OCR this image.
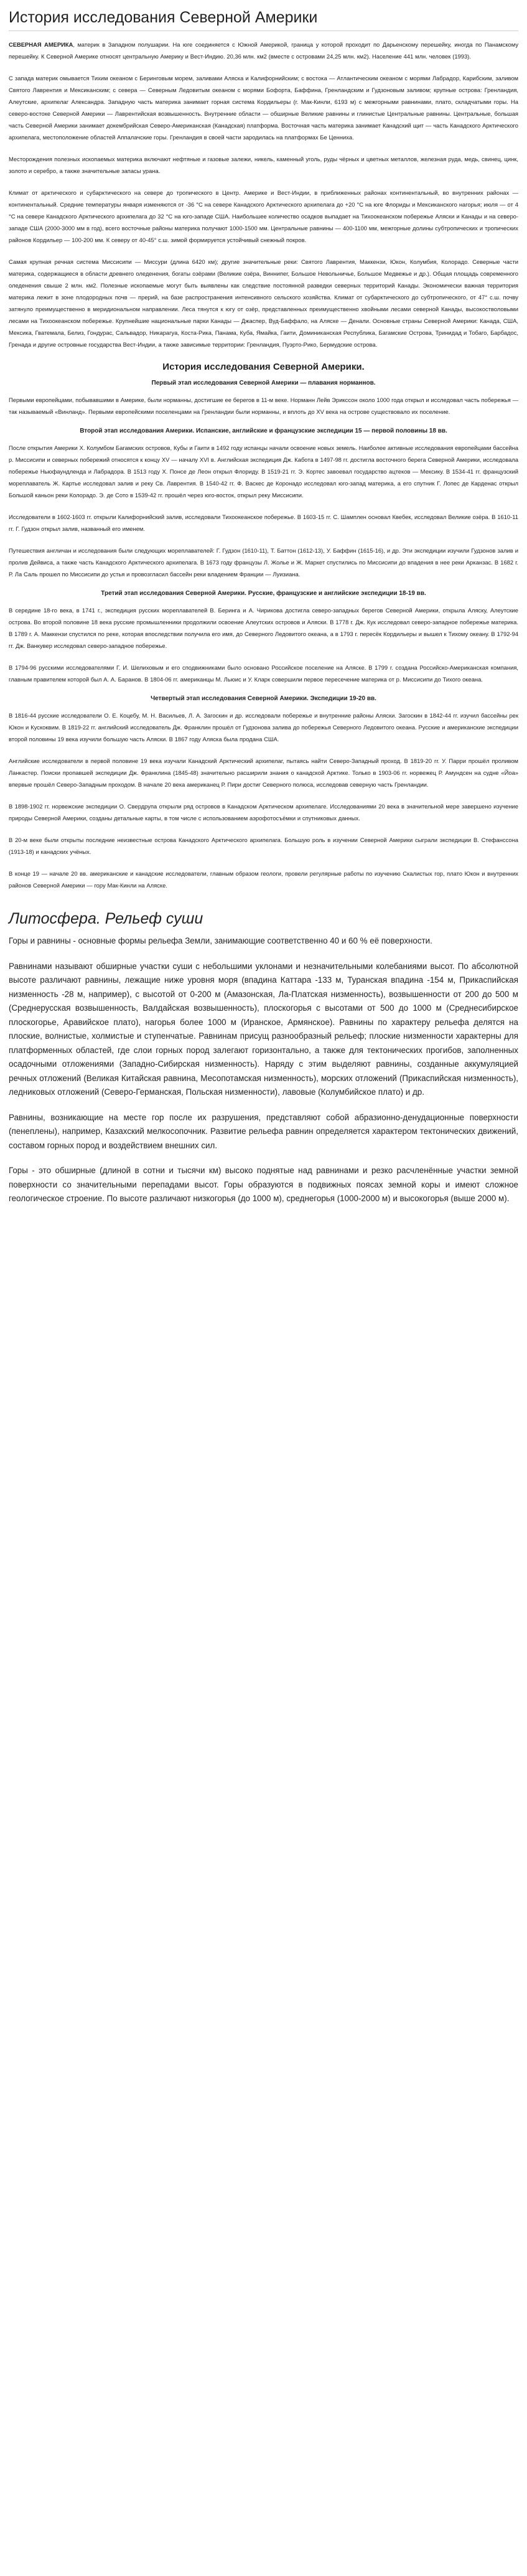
История исследования Северной Америки

СЕВЕРНАЯ АМЕРИКА, материк в Западном полушарии. На юге соединяется с Южной Америкой, граница у которой проходит по Дарьенскому перешейку, иногда по Панамскому перешейку. К Северной Америке относят центральную Америку и Вест-Индию. 20,36 млн. км2 (вместе с островами 24,25 млн. км2). Население 441 млн. человек (1993).

С запада материк омывается Тихим океаном с Беринговым морем, заливами Аляска и Калифорнийским; с востока — Атлантическим океаном с морями Лабрадор, Карибским, заливом Святого Лаврентия и Мексиканским; с севера — Северным Ледовитым океаном с морями Бофорта, Баффина, Гренландским и Гудзоновым заливом; крупные острова: Гренландия, Алеутские, архипелаг Александра. Западную часть материка занимает горная система Кордильеры (г. Мак-Кинли, 6193 м) с межгорными равнинами, плато, складчатыми горы. На северо-востоке Северной Америки — Лаврентийская возвышенность. Внутренние области — обширные Великие равнины и глинистые Центральные равнины. Центральные, большая часть Северной Америки занимает докембрийская Северо-Американская (Канадская) платформа. Восточная часть материка занимает Канадский щит — часть Канадского Арктического архипелага, местоположение областей Аппалачские горы. Гренландия в своей части зародилась на платформах Бе Ценниха.

Месторождения полезных ископаемых материка включают нефтяные и газовые залежи, никель, каменный уголь, руды чёрных и цветных металлов, железная руда, медь, свинец, цинк, золото и серебро, а также значительные запасы урана.

Климат от арктического и субарктического на севере до тропического в Центр. Америке и Вест-Индии, в приближенных районах континентальный, во внутренних районах — континентальный. Средние температуры января изменяются от -36 °C на севере Канадского Арктического архипелага до +20 °C на юге Флориды и Мексиканского нагорья; июля — от 4 °C на севере Канадского Арктического архипелага до 32 °C на юго-западе США. Наибольшее количество осадков выпадает на Тихоокеанском побережье Аляски и Канады и на северо-западе США (2000-3000 мм в год), всего восточные районы материка получают 1000-1500 мм. Центральные равнины — 400-1100 мм, межгорные долины субтропических и тропических районов Кордильер — 100-200 мм. К северу от 40-45° с.ш. зимой формируется устойчивый снежный покров.

Самая крупная речная система Миссисипи — Миссури (длина 6420 км); другие значительные реки: Святого Лаврентия, Маккензи, Юкон, Колумбия, Колорадо. Северные части материка, содержащиеся в области древнего оледенения, богаты озёрами (Великие озёра, Виннипег, Большое Невольничье, Большое Медвежье и др.). Общая площадь современного оледенения свыше 2 млн. км2. Полезные ископаемые могут быть выявлены как следствие постоянной разведки северных территорий Канады. Экономически важная территория материка лежит в зоне плодородных почв — прерий, на базе распространения интенсивного сельского хозяйства. Климат от субарктического до субтропического, от 47° с.ш. почву затянуло преимущественно в меридиональном направлении. Леса тянутся к югу от озёр, представленных преимущественно хвойными лесами северной Канады, высокостволовыми лесами на Тихоокеанском побережье. Крупнейшие национальные парки Канады — Джаспер, Вуд-Баффало, на Аляске — Денали. Основные страны Северной Америки: Канада, США, Мексика, Гватемала, Белиз, Гондурас, Сальвадор, Никарагуа, Коста-Рика, Панама, Куба, Ямайка, Гаити, Доминиканская Республика, Багамские Острова, Тринидад и Тобаго, Барбадос, Гренада и другие островные государства Вест-Индии, а также зависимые территории: Гренландия, Пуэрто-Рико, Бермудские острова.

История исследования Северной Америки.
Первый этап исследования Северной Америки — плавания норманнов.

Первыми европейцами, побывавшими в Америке, были норманны, достигшие ее берегов в 11-м веке. Норманн Лейв Эрикссон около 1000 года открыл и исследовал часть побережья — так называемый «Винланд». Первыми европейскими поселенцами на Гренландии были норманны, и вплоть до XV века на острове существовало их поселение.

Второй этап исследования Америки. Испанские, английские и французские экспедиции 15 — первой половины 18 вв.

После открытия Америки Х. Колумбом Багамских островов, Кубы и Гаити в 1492 году испанцы начали освоение новых земель. Наиболее активные исследования европейцами бассейна р. Миссисипи и северных побережий относятся к концу XV — началу XVI в. Английская экспедиция Дж. Кабота в 1497-98 гг. достигла восточного берега Северной Америки, исследовала побережье Ньюфаундленда и Лабрадора. В 1513 году Х. Понсе де Леон открыл Флориду. В 1519-21 гг. Э. Кортес завоевал государство ацтеков — Мексику. В 1534-41 гг. французский мореплаватель Ж. Картье исследовал залив и реку Св. Лаврентия. В 1540-42 гг. Ф. Васкес де Коронадо исследовал юго-запад материка, а его спутник Г. Лопес де Карденас открыл Большой каньон реки Колорадо. Э. де Сото в 1539-42 гг. прошёл через юго-восток, открыл реку Миссисипи.

Исследователи в 1602-1603 гг. открыли Калифорнийский залив, исследовали Тихоокеанское побережье. В 1603-15 гг. С. Шамплен основал Квебек, исследовал Великие озёра. В 1610-11 гг. Г. Гудзон открыл залив, названный его именем.

Путешествия англичан и исследования были следующих мореплавателей: Г. Гудзон (1610-11), Т. Баттон (1612-13), У. Баффин (1615-16), и др. Эти экспедиции изучили Гудзонов залив и пролив Дейвиса, а также часть Канадского Арктического архипелага. В 1673 году французы Л. Жолье и Ж. Маркет спустились по Миссисипи до впадения в нее реки Арканзас. В 1682 г. Р. Ла Саль прошел по Миссисипи до устья и провозгласил бассейн реки владением Франции — Луизиана.

Третий этап исследования Северной Америки. Русские, французские и английские экспедиции 18-19 вв.

В середине 18-го века, в 1741 г., экспедиция русских мореплавателей В. Беринга и А. Чирикова достигла северо-западных берегов Северной Америки, открыла Аляску, Алеутские острова. Во второй половине 18 века русские промышленники продолжили освоение Алеутских островов и Аляски. В 1778 г. Дж. Кук исследовал северо-западное побережье материка. В 1789 г. А. Маккензи спустился по реке, которая впоследствии получила его имя, до Северного Ледовитого океана, а в 1793 г. пересёк Кордильеры и вышел к Тихому океану. В 1792-94 гг. Дж. Ванкувер исследовал северо-западное побережье.

В 1794-96 русскими исследователями Г. И. Шелиховым и его сподвижниками было основано Российское поселение на Аляске. В 1799 г. создана Российско-Американская компания, главным правителем которой был А. А. Баранов. В 1804-06 гг. американцы М. Льюис и У. Кларк совершили первое пересечение материка от р. Миссисипи до Тихого океана.

Четвертый этап исследования Северной Америки. Экспедиции 19-20 вв.

В 1816-44 русские исследователи О. Е. Коцебу, М. Н. Васильев, Л. А. Загоскин и др. исследовали побережье и внутренние районы Аляски. Загоскин в 1842-44 гг. изучил бассейны рек Юкон и Кускоквим. В 1819-22 гг. английский исследователь Дж. Франклин прошёл от Гудзонова залива до побережья Северного Ледовитого океана. Русские и американские экспедиции второй половины 19 века изучили большую часть Аляски. В 1867 году Аляска была продана США.

Английские исследователи в первой половине 19 века изучали Канадский Арктический архипелаг, пытаясь найти Северо-Западный проход. В 1819-20 гг. У. Парри прошёл проливом Ланкастер. Поиски пропавшей экспедиции Дж. Франклина (1845-48) значительно расширили знания о канадской Арктике. Только в 1903-06 гг. норвежец Р. Амундсен на судне «Йоа» впервые прошёл Северо-Западным проходом. В начале 20 века американец Р. Пири достиг Северного полюса, исследовав северную часть Гренландии.

В 1898-1902 гг. норвежские экспедиции О. Свердрупа открыли ряд островов в Канадском Арктическом архипелаге. Исследованиями 20 века в значительной мере завершено изучение природы Северной Америки, созданы детальные карты, в том числе с использованием аэрофотосъёмки и спутниковых данных.

В 20-м веке были открыты последние неизвестные острова Канадского Арктического архипелага. Большую роль в изучении Северной Америки сыграли экспедиции В. Стефанссона (1913-18) и канадских учёных.

В конце 19 — начале 20 вв. американские и канадские исследователи, главным образом геологи, провели регулярные работы по изучению Скалистых гор, плато Юкон и внутренних районов Северной Америки — гору Мак-Кинли на Аляске.

Литосфера. Рельеф суши

Горы и равнины - основные формы рельефа Земли, занимающие соответственно 40 и 60 % её поверхности.

Равнинами называют обширные участки суши с небольшими уклонами и незначительными колебаниями высот. По абсолютной высоте различают равнины, лежащие ниже уровня моря (впадина Каттара -133 м, Туранская впадина -154 м, Прикаспийская низменность -28 м, например), с высотой от 0-200 м (Амазонская, Ла-Платская низменность), возвышенности от 200 до 500 м (Среднерусская возвышенность, Валдайская возвышенность), плоскогорья с высотами от 500 до 1000 м (Среднесибирское плоскогорье, Аравийское плато), нагорья более 1000 м (Иранское, Армянское). Равнины по характеру рельефа делятся на плоские, волнистые, холмистые и ступенчатые. Равнинам присущ разнообразный рельеф; плоские низменности характерны для платформенных областей, где слои горных пород залегают горизонтально, а также для тектонических прогибов, заполненных осадочными отложениями (Западно-Сибирская низменность). Наряду с этим выделяют равнины, созданные аккумуляцией речных отложений (Великая Китайская равнина, Месопотамская низменность), морских отложений (Прикаспийская низменность), ледниковых отложений (Северо-Германская, Польская низменности), лавовые (Колумбийское плато) и др.

Равнины, возникающие на месте гор после их разрушения, представляют собой абразионно-денудационные поверхности (пенеплены), например, Казахский мелкосопочник. Развитие рельефа равнин определяется характером тектонических движений, составом горных пород и воздействием внешних сил.

Горы - это обширные (длиной в сотни и тысячи км) высоко поднятые над равнинами и резко расчленённые участки земной поверхности со значительными перепадами высот. Горы образуются в подвижных поясах земной коры и имеют сложное геологическое строение. По высоте различают низкогорья (до 1000 м), среднегорья (1000-2000 м) и высокогорья (выше 2000 м).
